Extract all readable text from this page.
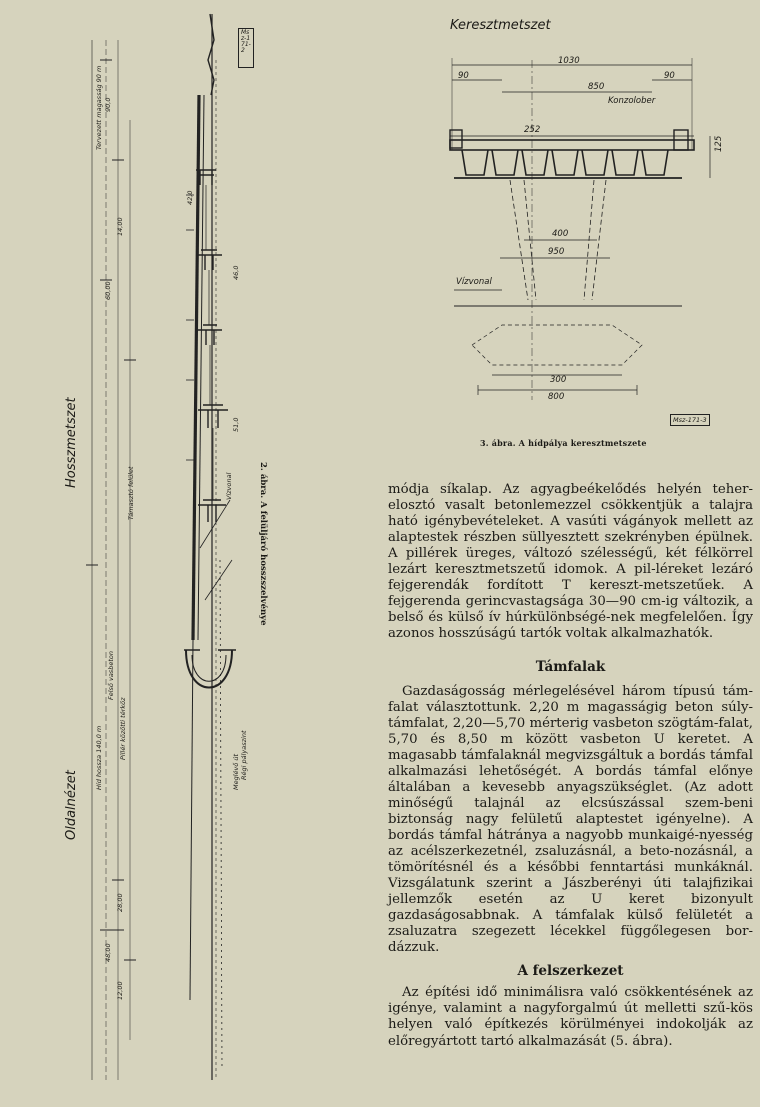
Hosszmetszet
Oldalnézet
Tervezett magasság 90 m
Híd hossza 140,0 m
Felső vasbeton
Pillér közötti térköz
Támasztó felület	Vízvonal
Meglévő út Régi pályaszint
90,0
14,00
60,00
48,00
28,00
12,00
42,0
46,0
51,0
Msz-171-2
2. ábra. A felüljáró hosszszelvénye
Keresztmetszet
1030
90	90
850
Konzolober
252
125
400
950
Vízvonal
300
800
Msz-171-3
3. ábra. A hídpálya keresztmetszete

módja síkalap. Az agyagbeékelődés helyén teher-elosztó vasalt betonlemezzel csökkentjük a talajra ható igénybevételeket. A vasúti vágányok mellett az alaptestek részben süllyesztett szekrényben épülnek. A pillérek üreges, változó szélességű, két félkörrel lezárt keresztmetszetű idomok. A pil-léreket lezáró fejgerendák fordított T kereszt-metszetűek. A fejgerenda gerincvastagsága 30—90 cm-ig változik, a belső és külső ív húrkülönbségé-nek megfelelően. Így azonos hosszúságú tartók voltak alkalmazhatók.

Támfalak

Gazdaságosság mérlegelésével három típusú tám-falat választottunk. 2,20 m magasságig beton súly-támfalat, 2,20—5,70 mérterig vasbeton szögtám-falat, 5,70 és 8,50 m között vasbeton U keretet. A magasabb támfalaknál megvizsgáltuk a bordás támfal alkalmazási lehetőségét. A bordás támfal előnye általában a kevesebb anyagszükséglet. (Az adott minőségű talajnál az elcsúszással szem-beni biztonság nagy felületű alaptestet igényelne). A bordás támfal hátránya a nagyobb munkaigé-nyesség az acélszerkezetnél, zsaluzásnál, a beto-nozásnál, a tömörítésnél és a későbbi fenntartási munkáknál. Vizsgálatunk szerint a Jászberényi úti talajfizikai jellemzők esetén az U keret bizonyult gazdaságosabbnak. A támfalak külső felületét a zsaluzatra szegezett lécekkel függőlegesen bor-dázzuk.

A felszerkezet

Az építési idő minimálisra való csökkentésének az igénye, valamint a nagyforgalmú út melletti szű-kös helyen való építkezés körülményei indokolják az előregyártott tartó alkalmazását (5. ábra).
